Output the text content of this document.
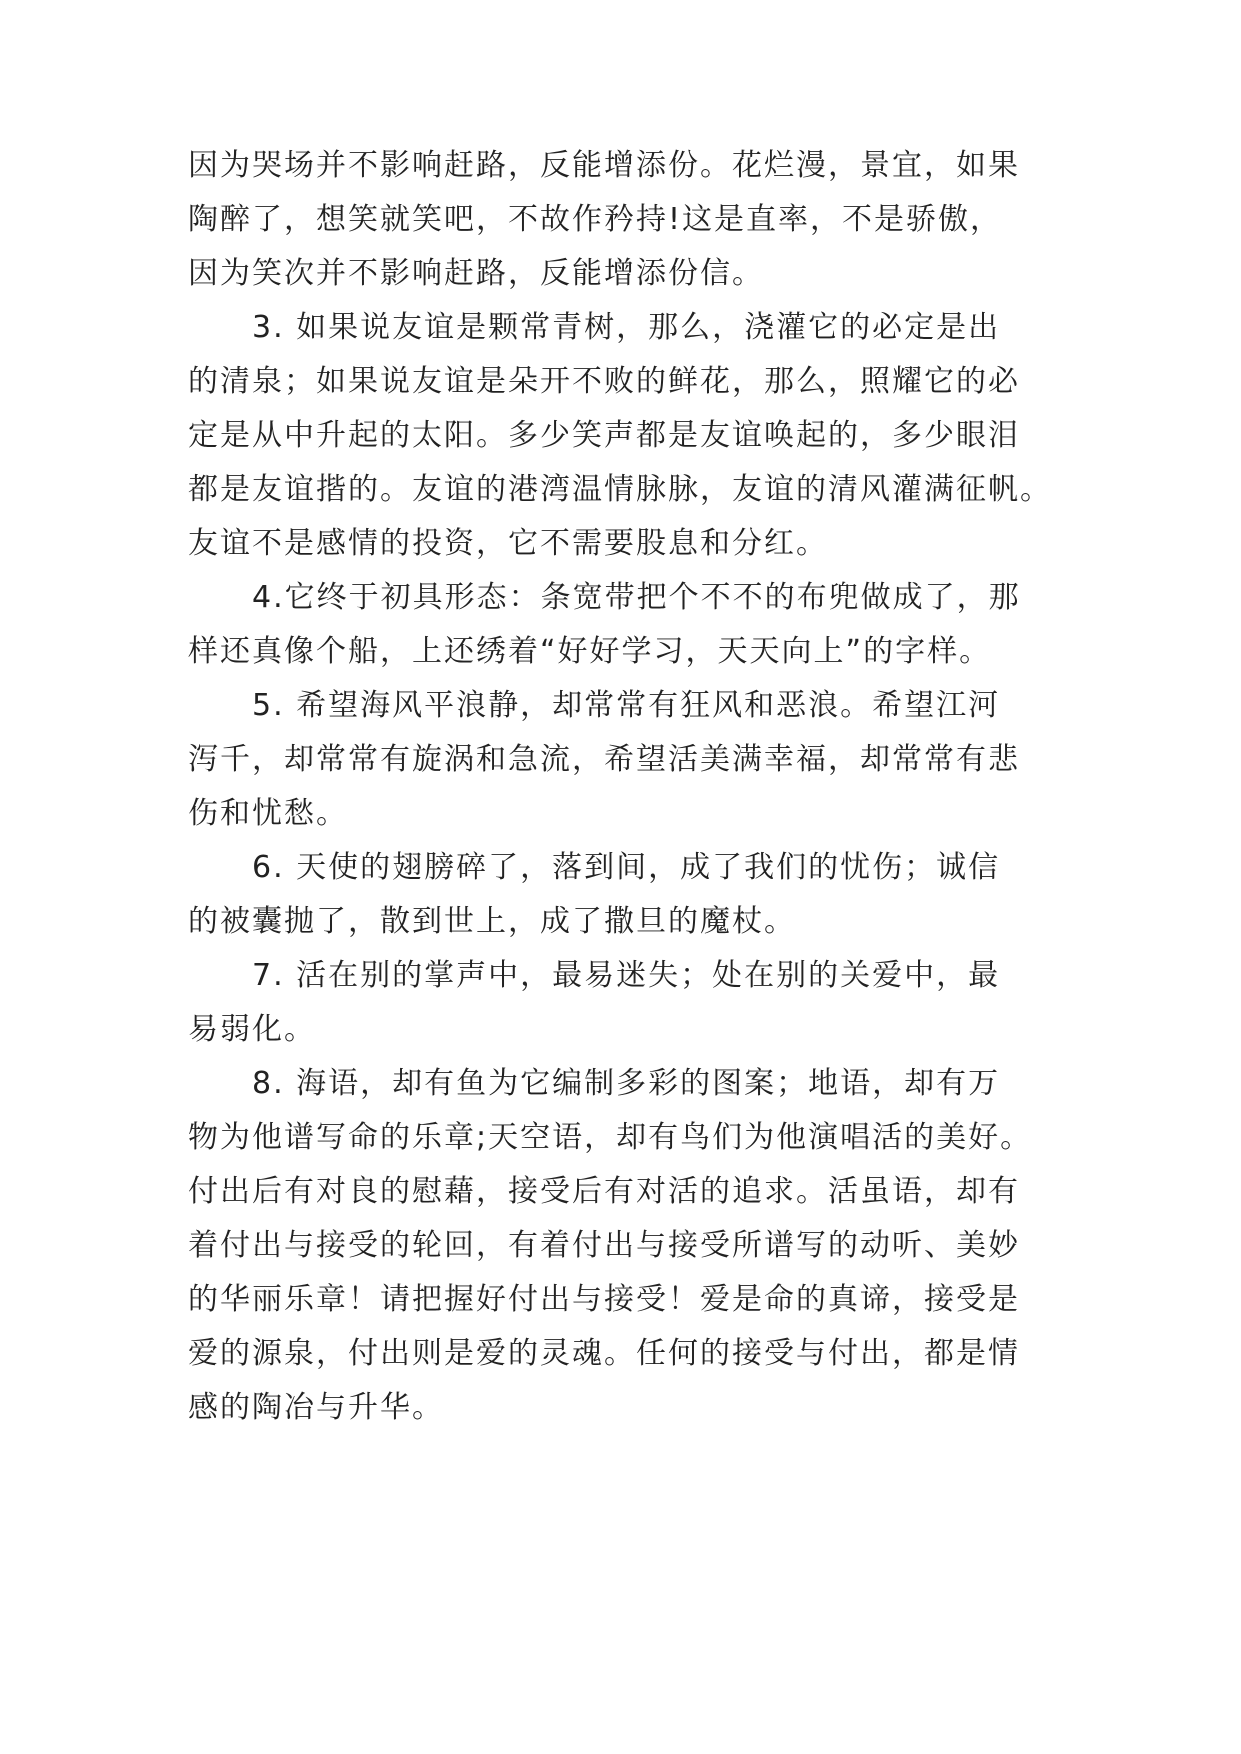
因为哭场并不影响赶路，反能增添份。花烂漫，景宜，如果
陶醉了，想笑就笑吧，不故作矜持!这是直率，不是骄傲，
因为笑次并不影响赶路，反能增添份信。
3. 如果说友谊是颗常青树，那么，浇灌它的必定是出
的清泉；如果说友谊是朵开不败的鲜花，那么，照耀它的必
定是从中升起的太阳。多少笑声都是友谊唤起的，多少眼泪
都是友谊揩的。友谊的港湾温情脉脉，友谊的清风灌满征帆。
友谊不是感情的投资，它不需要股息和分红。
4.它终于初具形态：条宽带把个不不的布兜做成了，那
样还真像个船，上还绣着“好好学习，天天向上”的字样。
5. 希望海风平浪静，却常常有狂风和恶浪。希望江河
泻千，却常常有旋涡和急流，希望活美满幸福，却常常有悲
伤和忧愁。
6. 天使的翅膀碎了，落到间，成了我们的忧伤；诚信
的被囊抛了，散到世上，成了撒旦的魔杖。
7. 活在别的掌声中，最易迷失；处在别的关爱中，最
易弱化。
8. 海语，却有鱼为它编制多彩的图案；地语，却有万
物为他谱写命的乐章;天空语，却有鸟们为他演唱活的美好。
付出后有对良的慰藉，接受后有对活的追求。活虽语，却有
着付出与接受的轮回，有着付出与接受所谱写的动听、美妙
的华丽乐章！请把握好付出与接受！爱是命的真谛，接受是
爱的源泉，付出则是爱的灵魂。任何的接受与付出，都是情
感的陶冶与升华。
